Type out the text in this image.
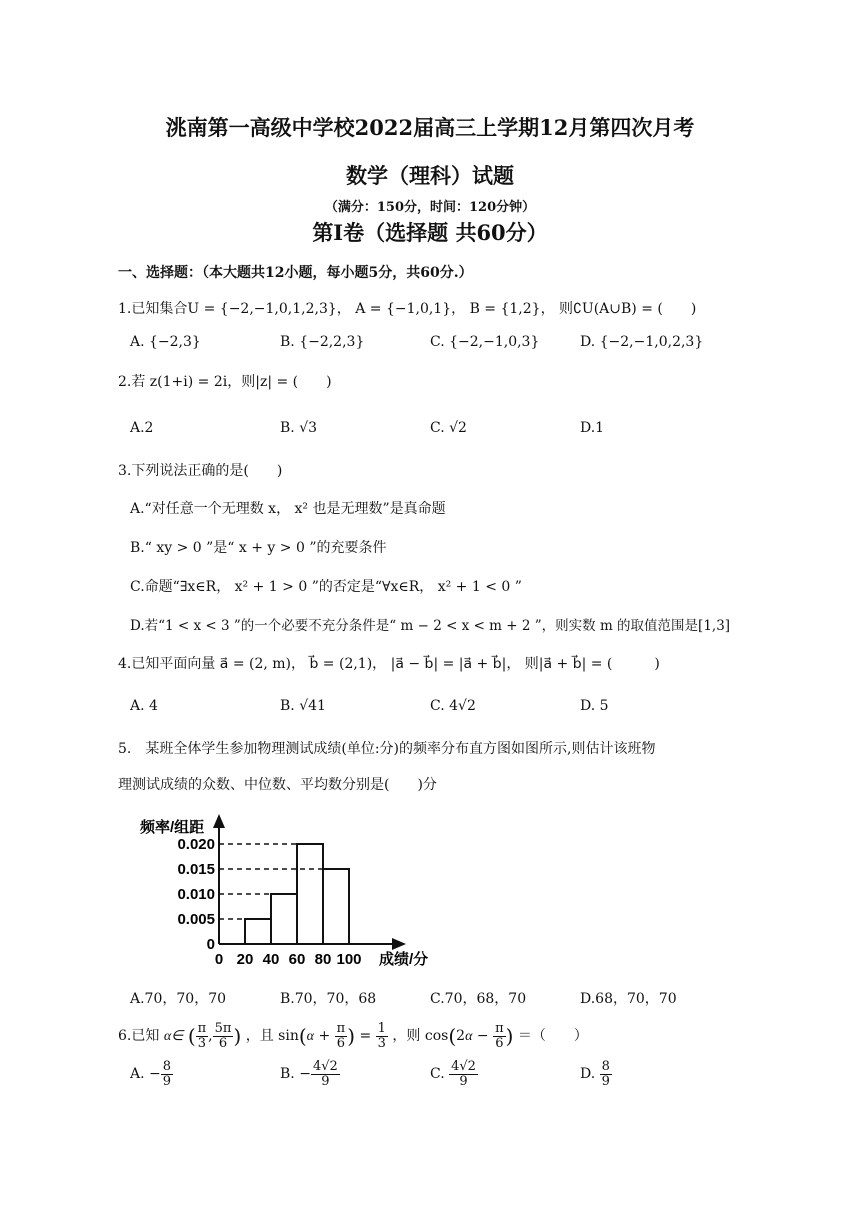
洮南第一高级中学校2022届高三上学期12月第四次月考
数学（理科）试题
（满分：150分，时间：120分钟）
第Ⅰ卷（选择题 共60分）
一、选择题：（本大题共12小题，每小题5分，共60分.）
1.已知集合U = {−2,−1,0,1,2,3}， A = {−1,0,1}， B = {1,2}， 则∁U(A∪B) = (　　)
A. {−2,3}	B. {−2,2,3}	C. {−2,−1,0,3}	D. {−2,−1,0,2,3}
2.若 z(1+i) = 2i，则|z| = (　　)
A.2	B. √3	C. √2	D.1
3.下列说法正确的是(　　)
A.“对任意一个无理数 x， x² 也是无理数”是真命题
B.“ xy > 0 ”是“ x + y > 0 ”的充要条件
C.命题“∃x∈R， x² + 1 > 0 ”的否定是“∀x∈R， x² + 1 < 0 ”
D.若“1 < x < 3 ”的一个必要不充分条件是“ m − 2 < x < m + 2 ”，则实数 m 的取值范围是[1,3]
4.已知平面向量 a⃗ = (2, m)， b⃗ = (2,1)， |a⃗ − b⃗| = |a⃗ + b⃗|， 则|a⃗ + b⃗| = (　　　)
A. 4	B. √41	C. 4√2	D. 5
5.　某班全体学生参加物理测试成绩(单位:分)的频率分布直方图如图所示,则估计该班物
理测试成绩的众数、中位数、平均数分别是(　　)分
0
0.005
0.010
0.015
0.020
0 20 40 60 80 100
频率/组距
成绩/分
A.70，70，70	B.70，70，68	C.70，68，70	D.68，70，70
6.已知 α∈ ( $\frac{\pi}{3}$ , $\frac{5\pi}{6}$ ) ，且 $\sin(\alpha + \frac{\pi}{6}$ ) = $\frac{1}{3}$ ，则 $\cos(2\alpha - \frac{\pi}{6}$ ) ＝（　　）
A. − $\frac{8}{9}$	B. − $\frac{4√2}{9}$	C. $\frac{4√2}{9}$	D. $\frac{8}{9}$
